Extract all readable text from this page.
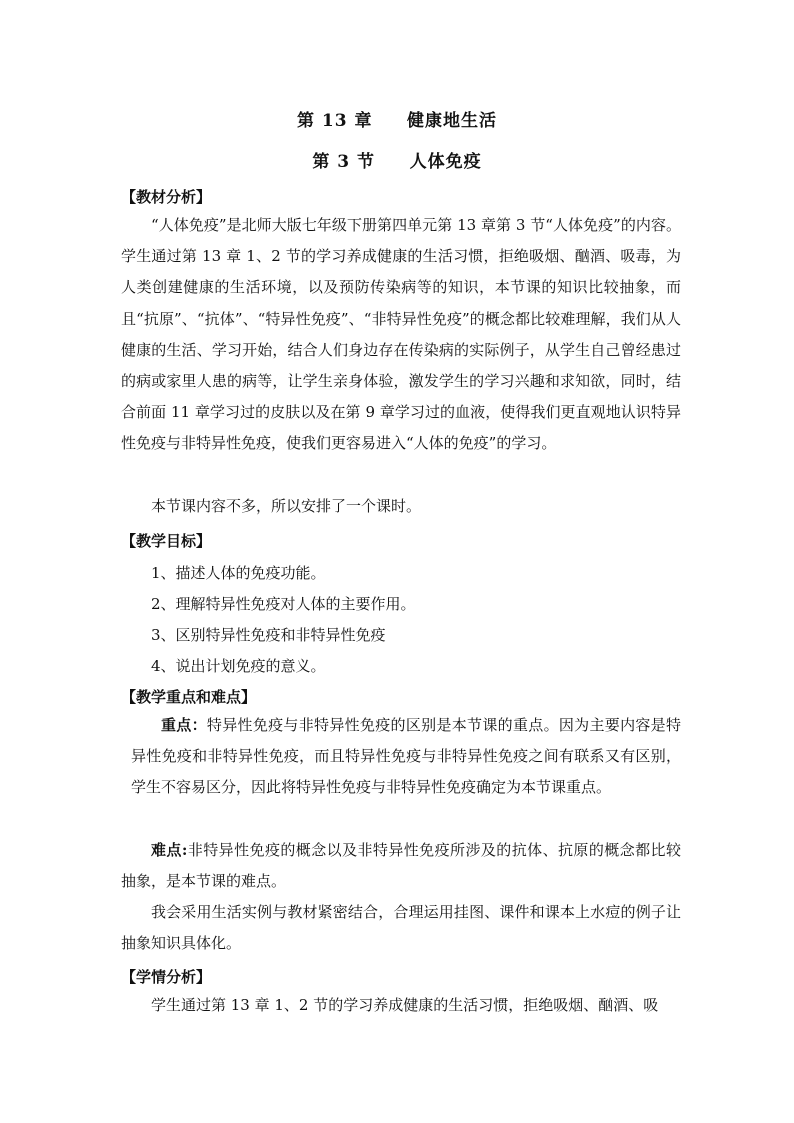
第 13 章     健康地生活
第 3 节     人体免疫
【教材分析】
“人体免疫”是北师大版七年级下册第四单元第 13 章第 3 节“人体免疫”的内容。学生通过第 13 章 1、2 节的学习养成健康的生活习惯，拒绝吸烟、酗酒、吸毒，为人类创建健康的生活环境，以及预防传染病等的知识，本节课的知识比较抽象，而且“抗原”、“抗体”、“特异性免疫”、“非特异性免疫”的概念都比较难理解，我们从人健康的生活、学习开始，结合人们身边存在传染病的实际例子，从学生自己曾经患过的病或家里人患的病等，让学生亲身体验，激发学生的学习兴趣和求知欲，同时，结合前面 11 章学习过的皮肤以及在第 9 章学习过的血液，使得我们更直观地认识特异性免疫与非特异性免疫，使我们更容易进入“人体的免疫”的学习。
本节课内容不多，所以安排了一个课时。
【教学目标】
1、描述人体的免疫功能。
2、理解特异性免疫对人体的主要作用。
3、区别特异性免疫和非特异性免疫
4、说出计划免疫的意义。
【教学重点和难点】
重点：特异性免疫与非特异性免疫的区别是本节课的重点。因为主要内容是特异性免疫和非特异性免疫，而且特异性免疫与非特异性免疫之间有联系又有区别，学生不容易区分，因此将特异性免疫与非特异性免疫确定为本节课重点。
难点:非特异性免疫的概念以及非特异性免疫所涉及的抗体、抗原的概念都比较抽象，是本节课的难点。
我会采用生活实例与教材紧密结合，合理运用挂图、课件和课本上水痘的例子让抽象知识具体化。
【学情分析】
学生通过第 13 章 1、2 节的学习养成健康的生活习惯，拒绝吸烟、酗酒、吸
